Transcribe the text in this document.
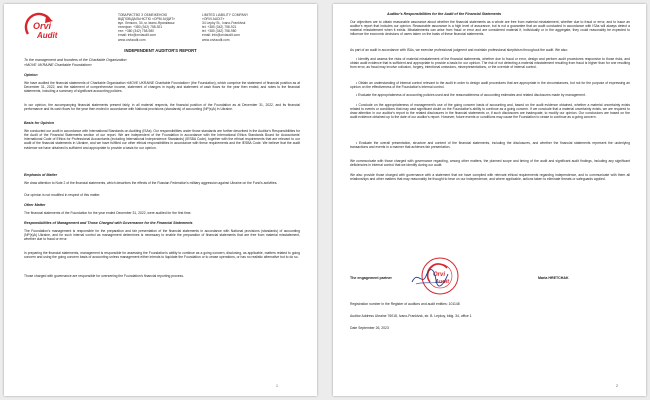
Orvi
Audit
ТОВАРИСТВО З ОБМЕЖЕНОЮ
ВІДПОВІДАЛЬНІСТЮ «ОРВІ АУДИТ»
вул. Лепкого, 34, м. Івано-Франківськ
телефон: +380 (342) 758-921
тел: +380 (342) 758-980
email: info@orviaudit.com
www.orviaudit.com
LIMITED LIABILITY COMPANY
«ORVI AUDIT»
34 Lepky St., Ivano-Frankivsk
tel: +380 (342) 758-921
tel: +380 (342) 758-980
email: info@orviaudit.com
www.orviaudit.com
INDEPENDENT AUDITOR'S REPORT
To the management and founders of the Charitable Organization
«MOVE UKRAINE Charitable Foundation»
Opinion
We have audited the financial statements of Charitable Organization «MOVE UKRAINE Charitable Foundation» (the Foundation), which comprise the statement of financial position as at December 31, 2022, and the statement of comprehensive income, statement of changes in equity and statement of cash flows for the year then ended, and notes to the financial statements, including a summary of significant accounting policies.
In our opinion, the accompanying financial statements present fairly, in all material respects, the financial position of the Foundation as at December 31, 2022, and its financial performance and its cash flows for the year then ended in accordance with National provisions (standards) of accounting (NP(s)A) in Ukraine.
Basis for Opinion
We conducted our audit in accordance with International Standards on Auditing (ISAs). Our responsibilities under those standards are further described in the Auditor's Responsibilities for the Audit of the Financial Statements section of our report. We are independent of the Foundation in accordance with the International Ethics Standards Board for Accountants' International Code of Ethics for Professional Accountants (including International Independence Standards) (IESBA Code), together with the ethical requirements that are relevant to our audit of the financial statements in Ukraine, and we have fulfilled our other ethical responsibilities in accordance with these requirements and the IESBA Code. We believe that the audit evidence we have obtained is sufficient and appropriate to provide a basis for our opinion.
Emphasis of Matter
We draw attention to Note 2 of the financial statements, which describes the effects of the Russian Federation's military aggression against Ukraine on the Fund's activities.
Our opinion is not modified in respect of this matter.
Other Matter
The financial statements of the Foundation for the year ended December 31, 2022, were audited for the first time.
Responsibilities of Management and Those Charged with Governance for the Financial Statements
The Foundation's management is responsible for the preparation and fair presentation of the financial statements in accordance with National provisions (standards) of accounting (NP(s)A) Ukraine, and for such internal control as management determines is necessary to enable the preparation of financial statements that are free from material misstatement, whether due to fraud or error.
In preparing the financial statements, management is responsible for assessing the Foundation's ability to continue as a going concern, disclosing, as applicable, matters related to going concern and using the going concern basis of accounting unless management either intends to liquidate the Foundation or to cease operations, or has no realistic alternative but to do so.
Those charged with governance are responsible for overseeing the Foundation's financial reporting process.
1
Auditor's Responsibilities for the Audit of the Financial Statements
Our objectives are to obtain reasonable assurance about whether the financial statements as a whole are free from material misstatement, whether due to fraud or error, and to issue an auditor's report that includes our opinion. Reasonable assurance is a high level of assurance, but is not a guarantee that an audit conducted in accordance with ISAs will always detect a material misstatement when it exists. Misstatements can arise from fraud or error and are considered material if, individually or in the aggregate, they could reasonably be expected to influence the economic decisions of users taken on the basis of these financial statements.
As part of an audit in accordance with ISAs, we exercise professional judgment and maintain professional skepticism throughout the audit. We also:
• Identify and assess the risks of material misstatement of the financial statements, whether due to fraud or error, design and perform audit procedures responsive to those risks, and obtain audit evidence that is sufficient and appropriate to provide a basis for our opinion. The risk of not detecting a material misstatement resulting from fraud is higher than for one resulting from error, as fraud may involve collusion, forgery, intentional omissions, misrepresentations, or the override of internal control.
• Obtain an understanding of internal control relevant to the audit in order to design audit procedures that are appropriate in the circumstances, but not for the purpose of expressing an opinion on the effectiveness of the Foundation's internal control.
• Evaluate the appropriateness of accounting policies used and the reasonableness of accounting estimates and related disclosures made by management.
• Conclude on the appropriateness of management's use of the going concern basis of accounting and, based on the audit evidence obtained, whether a material uncertainty exists related to events or conditions that may cast significant doubt on the Foundation's ability to continue as a going concern. If we conclude that a material uncertainty exists, we are required to draw attention in our auditor's report to the related disclosures in the financial statements or, if such disclosures are inadequate, to modify our opinion. Our conclusions are based on the audit evidence obtained up to the date of our auditor's report. However, future events or conditions may cause the Foundation to cease to continue as a going concern.
• Evaluate the overall presentation, structure and content of the financial statements, including the disclosures, and whether the financial statements represent the underlying transactions and events in a manner that achieves fair presentation.
We communicate with those charged with governance regarding, among other matters, the planned scope and timing of the audit and significant audit findings, including any significant deficiencies in internal control that we identify during our audit.
We also provide those charged with governance with a statement that we have complied with relevant ethical requirements regarding independence, and to communicate with them all relationships and other matters that may reasonably be thought to bear on our independence, and where applicable, actions taken to eliminate threats or safeguards applied.
The engagement partner	Orvi
Audit
Maria HRETCHAK
Registration number in the Register of auditors and audit entities: 101148
Auditor Address Ukraine 76018, Ivano-Frankivsk, str. B. Lepkoy, bldg. 34, office 1
Date September 26, 2023
2
